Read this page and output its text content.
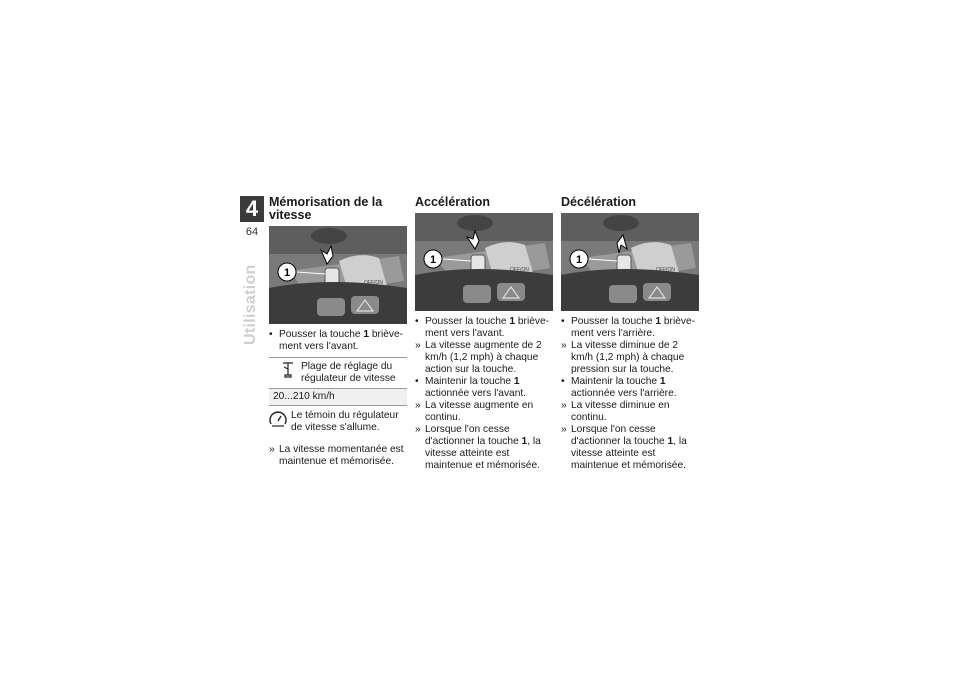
4
64
Utilisation
Mémorisation de la vitesse
1
OFF/ON
• Pousser la touche 1 brièvement vers l'avant.
Plage de réglage du régulateur de vitesse
20...210 km/h
Le témoin du régulateur de vitesse s'allume.
» La vitesse momentanée est maintenue et mémorisée.
Accélération
1
OFF/ON
• Pousser la touche 1 brièvement vers l'avant.
» La vitesse augmente de 2 km/h (1,2 mph) à chaque action sur la touche.
• Maintenir la touche 1 actionnée vers l'avant.
» La vitesse augmente en continu.
» Lorsque l'on cesse d'actionner la touche 1, la vitesse atteinte est maintenue et mémorisée.
Décélération
1
OFF/ON
• Pousser la touche 1 brièvement vers l'arrière.
» La vitesse diminue de 2 km/h (1,2 mph) à chaque pression sur la touche.
• Maintenir la touche 1 actionnée vers l'arrière.
» La vitesse diminue en continu.
» Lorsque l'on cesse d'actionner la touche 1, la vitesse atteinte est maintenue et mémorisée.
